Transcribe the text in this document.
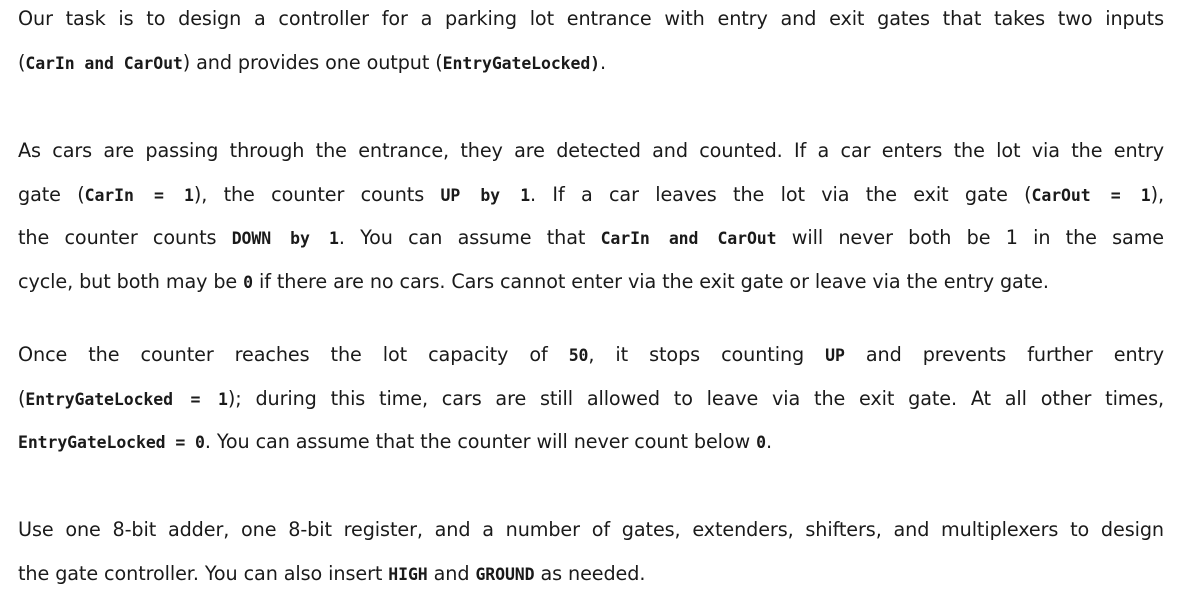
Our task is to design a controller for a parking lot entrance with entry and exit gates that takes two inputs
(CarIn and CarOut) and provides one output (EntryGateLocked).
As cars are passing through the entrance, they are detected and counted. If a car enters the lot via the entry
gate (CarIn = 1), the counter counts UP by 1. If a car leaves the lot via the exit gate (CarOut = 1),
the counter counts DOWN by 1. You can assume that CarIn and CarOut will never both be 1 in the same
cycle, but both may be 0 if there are no cars. Cars cannot enter via the exit gate or leave via the entry gate.
Once the counter reaches the lot capacity of 50, it stops counting UP and prevents further entry
(EntryGateLocked = 1); during this time, cars are still allowed to leave via the exit gate. At all other times,
EntryGateLocked = 0. You can assume that the counter will never count below 0.
Use one 8-bit adder, one 8-bit register, and a number of gates, extenders, shifters, and multiplexers to design
the gate controller. You can also insert HIGH and GROUND as needed.
